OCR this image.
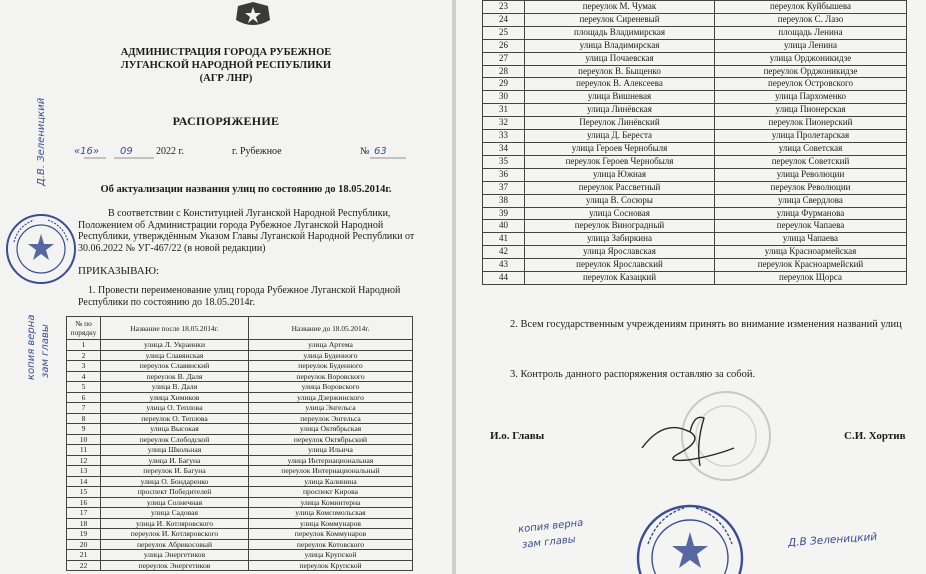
АДМИНИСТРАЦИЯ ГОРОДА РУБЕЖНОЕ
ЛУГАНСКОЙ НАРОДНОЙ РЕСПУБЛИКИ
(АГР ЛНР)
РАСПОРЯЖЕНИЕ
«16» 09 2022 г.	г. Рубежное	№ 63
Об актуализации названия улиц по состоянию до 18.05.2014г.
В соответствии с Конституцией Луганской Народной Республики, Положением об Администрации города Рубежное Луганской Народной Республики, утверждённым Указом Главы Луганской Народной Республики от 30.06.2022 № УГ-467/22 (в новой редакции)
ПРИКАЗЫВАЮ:
1. Провести переименование улиц города Рубежное Луганской Народной Республики по состоянию до 18.05.2014г.
№ по порядку	Название после 18.05.2014г.	Название до 18.05.2014г.
1	улица Л. Украинки	улица Артема
2	улица Славянская	улица Буденного
3	переулок Славянский	переулок Буденного
4	переулок В. Даля	переулок Воровского
5	улица В. Даля	улица Воровского
6	улица Химиков	улица Дзержинского
7	улица О. Теплова	улица Энгельса
8	переулок О. Теплова	переулок Энгельса
9	улица Высокая	улица Октябрьская
10	переулок Слободской	переулок Октябрьский
11	улица Школьная	улица Ильича
12	улица И. Багуна	улица Интернациональная
13	переулок И. Багуна	переулок Интернациональный
14	улица О. Бондаренко	улица Калинина
15	проспект Победителей	проспект Кирова
16	улица Солнечная	улица Коминтерна
17	улица Садовая	улица Комсомольская
18	улица И. Котляровского	улица Коммунаров
19	переулок И. Котляровского	переулок Коммунаров
20	переулок Абрикосовый	переулок Котовского
21	улица Энергетиков	улица Крупской
22	переулок Энергетиков	переулок Крупской
Д.В. Зеленицкий
копия верна зам главы
23	переулок М. Чумак	переулок Куйбышева
24	переулок Сиреневый	переулок С. Лазо
25	площадь Владимирская	площадь Ленина
26	улица Владимирская	улица Ленина
27	улица Почаевская	улица Орджоникидзе
28	переулок В. Быщенко	переулок Орджоникидзе
29	переулок В. Алексеева	переулок Островского
30	улица Вишневая	улица Пархоменко
31	улица Линёвская	улица Пионерская
32	Переулок Линёвский	переулок Пионерский
33	улица Д. Береста	улица Пролетарская
34	улица Героев Чернобыля	улица Советская
35	переулок Героев Чернобыля	переулок Советский
36	улица Южная	улица Революции
37	переулок Рассветный	переулок Революции
38	улица В. Сосюры	улица Свердлова
39	улица Сосновая	улица Фурманова
40	переулок Виноградный	переулок Чапаева
41	улица Забиркина	улица Чапаева
42	улица Ярославская	улица Красноармейская
43	переулок Ярославский	переулок Красноармейский
44	переулок Казацкий	переулок Щорса
2. Всем государственным учреждениям принять во внимание изменения названий улиц
3. Контроль данного распоряжения оставляю за собой.
И.о. Главы	С.И. Хортив
копия верна
зам главы	Д.В Зеленицкий
